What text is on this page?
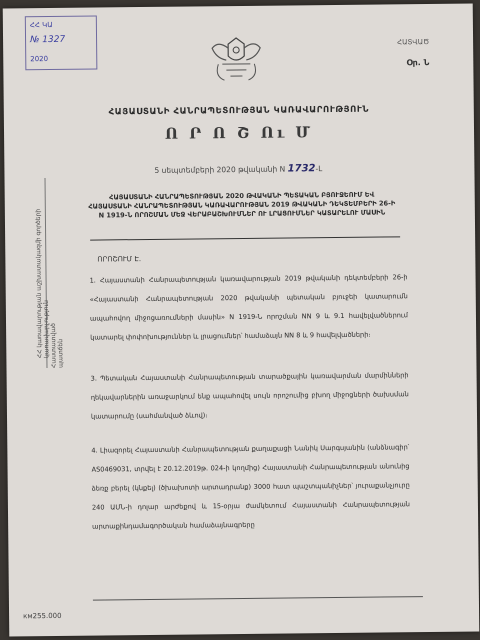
ՀՀ ԿԱ
№ 1327
2020
ՀԱՏՎԱԾ
Օր. Ն
ՀԱՅԱՍՏԱՆԻ ՀԱՆՐԱՊԵՏՈՒԹՅԱՆ ԿԱՌԱՎԱՐՈՒԹՅՈՒՆ
Ո Ր Ո Շ Ու Մ
5 սեպտեմբերի 2020 թվականի N 1732-Լ
ՀՀ կառավարության աշխատակազմի գործերի կառավարչություն Հաստատված պատճեն
ՀԱՅԱՍՏԱՆԻ ՀԱՆՐԱՊԵՏՈՒԹՅԱՆ 2020 ԹՎԱԿԱՆԻ ՊԵՏԱԿԱՆ ԲՅՈՒՋԵՈՒՄ ԵՎ ՀԱՅԱՍՏԱՆԻ ՀԱՆՐԱՊԵՏՈՒԹՅԱՆ ԿԱՌԱՎԱՐՈՒԹՅԱՆ 2019 ԹՎԱԿԱՆԻ ԴԵԿՏԵՄԲԵՐԻ 26-Ի N 1919-Ն ՈՐՈՇՄԱՆ ՄԵՋ ՎԵՐԱԲԱՇԽՈՒՄՆԵՐ ՈՒ ԼՐԱՑՈՒՄՆԵՐ ԿԱՏԱՐԵԼՈՒ ՄԱՍԻՆ
ՈՐՈՇՈՒՄ Է.
1. Հայաստանի Հանրապետության կառավարության 2019 թվականի դեկտեմբերի 26-ի «Հայաստանի Հանրապետության 2020 թվականի պետական բյուջեի կատարումն ապահովող միջոցառումների մասին» N 1919-Ն որոշման NN 9 և 9.1 հավելվածներում կատարել փոփոխություններ և լրացումներ՝ համաձայն NN 8 և 9 հավելվածների։
3. Պետական Հայաստանի Հանրապետության տարածքային կառավարման մարմինների ղեկավարներին առաջարկում ենք ապահովել սույն որոշումից բխող միջոցների ծախսման կատարումը (սահմանված ձևով)։
4. Լիազորել Հայաստանի Հանրապետության քաղաքացի Նանիկ Սարգսյանին (անձնագիր՝ AS0469031, տրվել է 20.12.2019թ. 024-ի կողմից) Հայաստանի Հանրապետության անունից ձեռք բերել (կնքել) (ծխախոտի արտադրանք) 3000 հատ պաշտպանիչներ՝ յուրաքանչյուրը 240 ԱՄՆ-ի դոլար արժեքով և 15-օրյա ժամկետում Հայաստանի Հանրապետության արտաքինդամագործական համաձայնագրերը
км255.000
